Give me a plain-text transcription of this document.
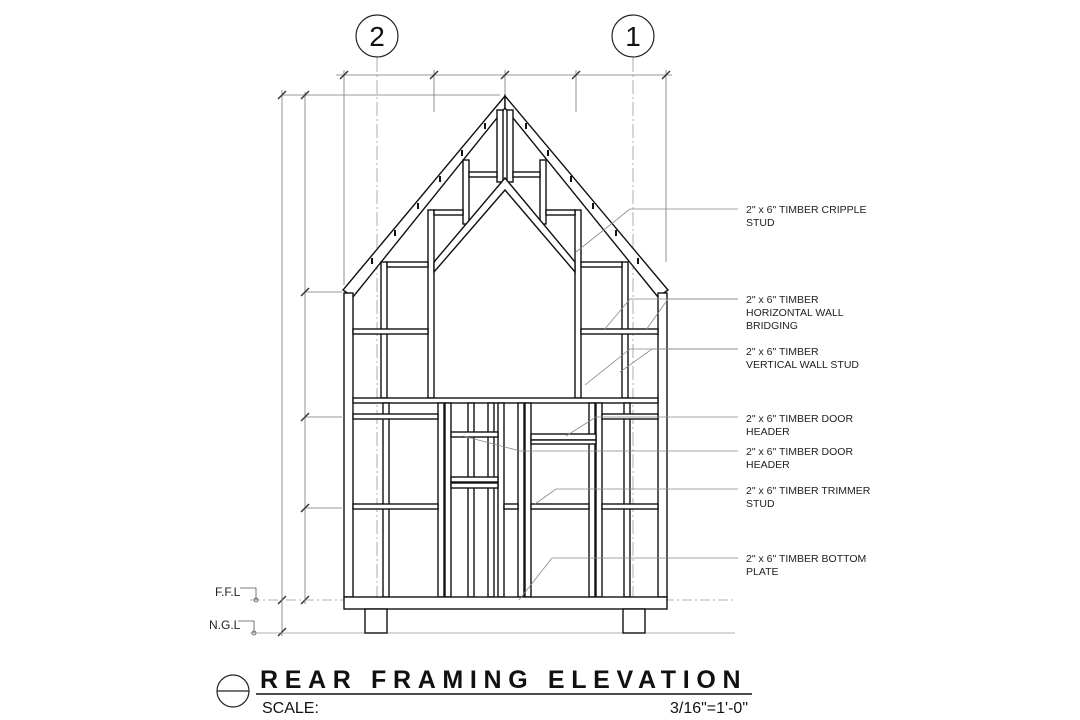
2	1
F.F.L
N.G.L
2" x 6" TIMBER CRIPPLE
STUD
2" x 6" TIMBER
HORIZONTAL WALL
BRIDGING
2" x 6" TIMBER
VERTICAL WALL STUD
2" x 6" TIMBER DOOR
HEADER
2" x 6" TIMBER DOOR
HEADER
2" x 6" TIMBER TRIMMER
STUD
2" x 6" TIMBER BOTTOM
PLATE
REAR FRAMING ELEVATION
SCALE:	3/16"=1'-0"
